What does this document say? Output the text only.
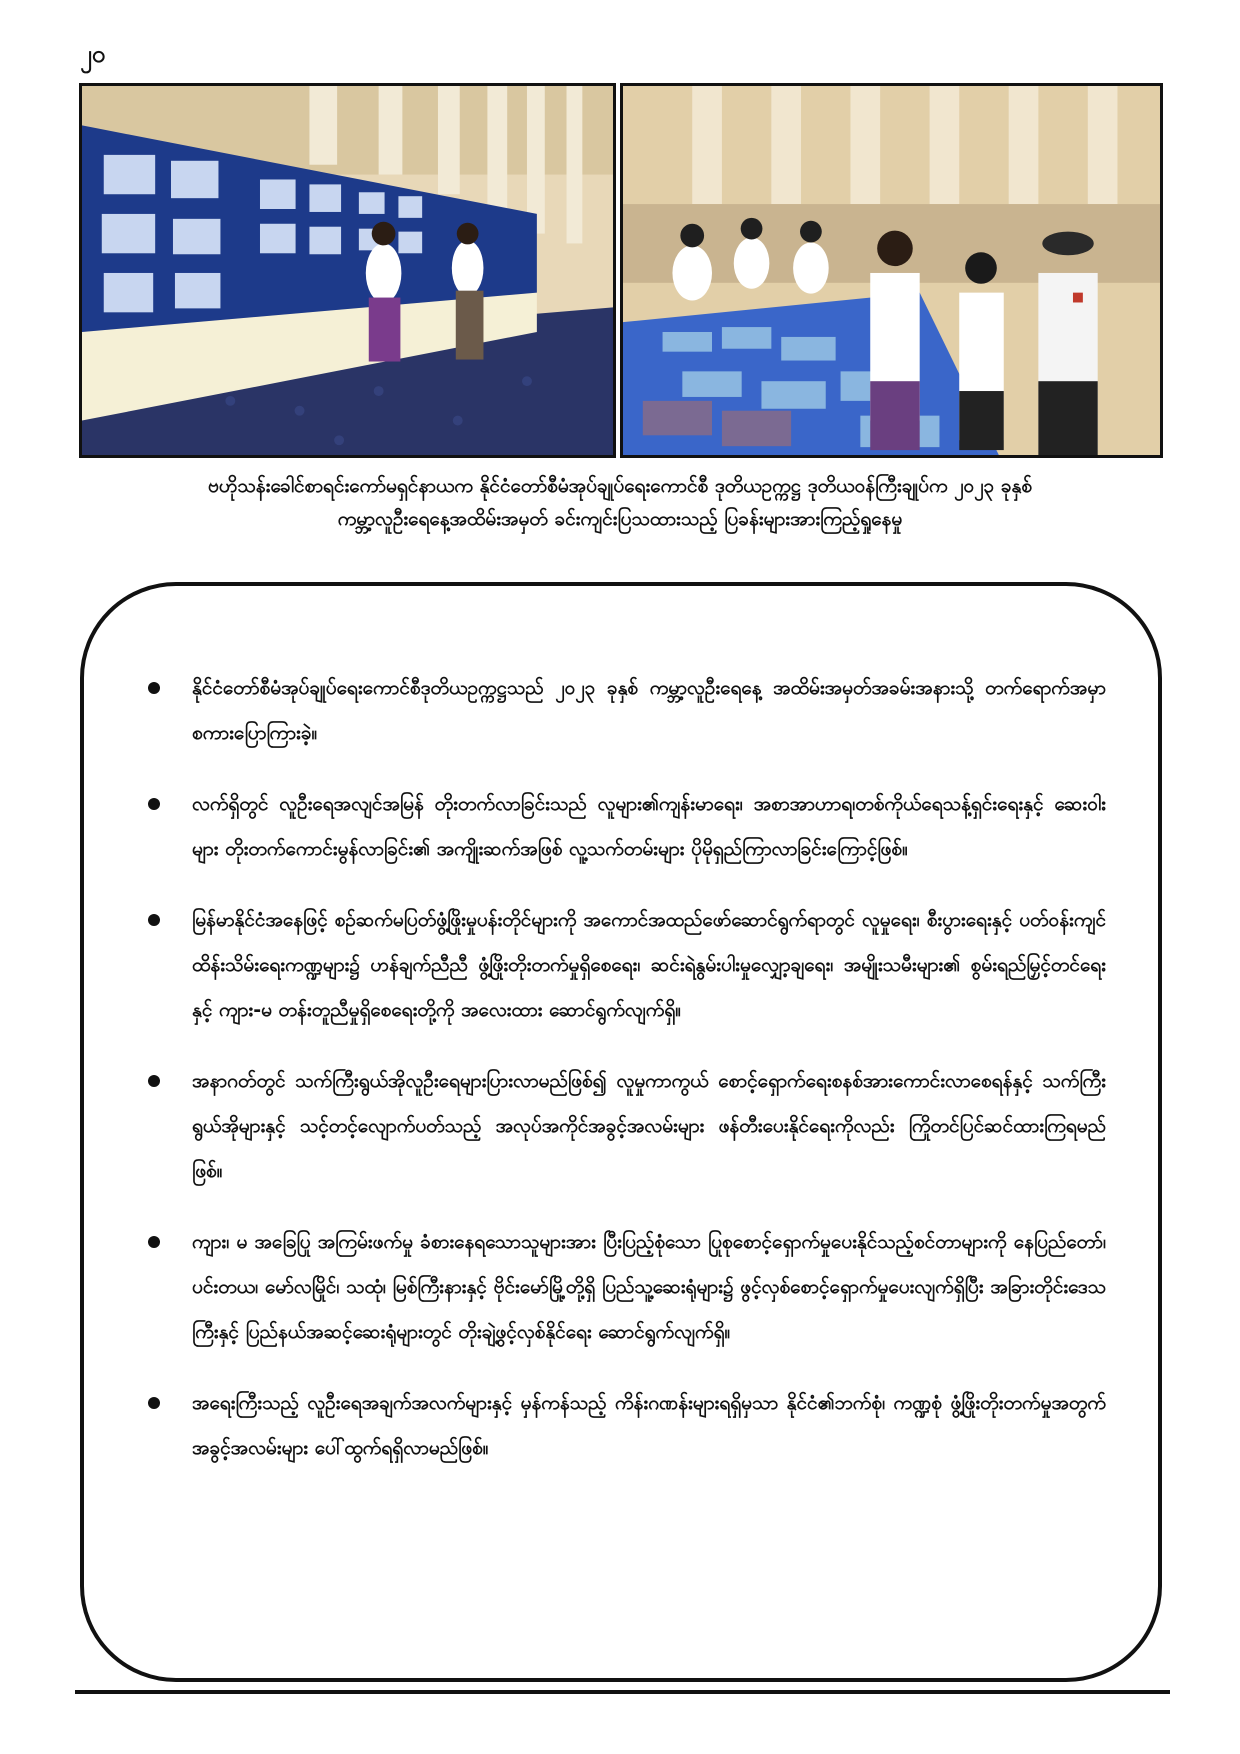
၂၀
ဗဟိုသန်းခေါင်စာရင်းကော်မရှင်နာယက နိုင်ငံတော်စီမံအုပ်ချုပ်ရေးကောင်စီ ဒုတိယဥက္ကဋ္ဌ ဒုတိယဝန်ကြီးချုပ်က ၂၀၂၃ ခုနှစ်
ကမ္ဘာ့လူဦးရေနေ့အထိမ်းအမှတ် ခင်းကျင်းပြသထားသည့် ပြခန်းများအားကြည့်ရှုနေမှု
နိုင်ငံတော်စီမံအုပ်ချုပ်ရေးကောင်စီဒုတိယဥက္ကဋ္ဌသည် ၂၀၂၃ ခုနှစ် ကမ္ဘာ့လူဦးရေနေ့ အထိမ်းအမှတ်အခမ်းအနားသို့ တက်ရောက်အမှာစကားပြောကြားခဲ့။
လက်ရှိတွင် လူဦးရေအလျင်အမြန် တိုးတက်လာခြင်းသည် လူများ၏ကျန်းမာရေး၊ အစာအာဟာရ၊တစ်ကိုယ်ရေသန့်ရှင်းရေးနှင့် ဆေးဝါးများ တိုးတက်ကောင်းမွန်လာခြင်း၏ အကျိုးဆက်အဖြစ် လူ့သက်တမ်းများ ပိုမိုရှည်ကြာလာခြင်းကြောင့်ဖြစ်။
မြန်မာနိုင်ငံအနေဖြင့် စဉ်ဆက်မပြတ်ဖွံ့ဖြိုးမှုပန်းတိုင်များကို အကောင်အထည်ဖော်ဆောင်ရွက်ရာတွင် လူမှုရေး၊ စီးပွားရေးနှင့် ပတ်ဝန်းကျင်ထိန်းသိမ်းရေးကဏ္ဍများ၌ ဟန်ချက်ညီညီ ဖွံ့ဖြိုးတိုးတက်မှုရှိစေရေး၊ ဆင်းရဲနွမ်းပါးမှုလျှော့ချရေး၊ အမျိုးသမီးများ၏ စွမ်းရည်မြှင့်တင်ရေးနှင့် ကျား-မ တန်းတူညီမှုရှိစေရေးတို့ကို အလေးထား ဆောင်ရွက်လျက်ရှိ။
အနာဂတ်တွင် သက်ကြီးရွယ်အိုလူဦးရေများပြားလာမည်ဖြစ်၍ လူမှုကာကွယ် စောင့်ရှောက်ရေးစနစ်အားကောင်းလာစေရန်နှင့် သက်ကြီးရွယ်အိုများနှင့် သင့်တင့်လျောက်ပတ်သည့် အလုပ်အကိုင်အခွင့်အလမ်းများ ဖန်တီးပေးနိုင်ရေးကိုလည်း ကြိုတင်ပြင်ဆင်ထားကြရမည်ဖြစ်။
ကျား၊ မ အခြေပြု အကြမ်းဖက်မှု ခံစားနေရသောသူများအား ပြီးပြည့်စုံသော ပြုစုစောင့်ရှောက်မှုပေးနိုင်သည့်စင်တာများကို နေပြည်တော်၊ ပင်းတယ၊ မော်လမြိုင်၊ သထုံ၊ မြစ်ကြီးနားနှင့် ဗိုင်းမော်မြို့တို့ရှိ ပြည်သူ့ဆေးရုံများ၌ ဖွင့်လှစ်စောင့်ရှောက်မှုပေးလျက်ရှိပြီး အခြားတိုင်းဒေသကြီးနှင့် ပြည်နယ်အဆင့်ဆေးရုံများတွင် တိုးချဲ့ဖွင့်လှစ်နိုင်ရေး ဆောင်ရွက်လျက်ရှိ။
အရေးကြီးသည့် လူဦးရေအချက်အလက်များနှင့် မှန်ကန်သည့် ကိန်းဂဏန်းများရရှိမှသာ နိုင်ငံ၏ဘက်စုံ၊ ကဏ္ဍစုံ ဖွံ့ဖြိုးတိုးတက်မှုအတွက် အခွင့်အလမ်းများ ပေါ်ထွက်ရရှိလာမည်ဖြစ်။
